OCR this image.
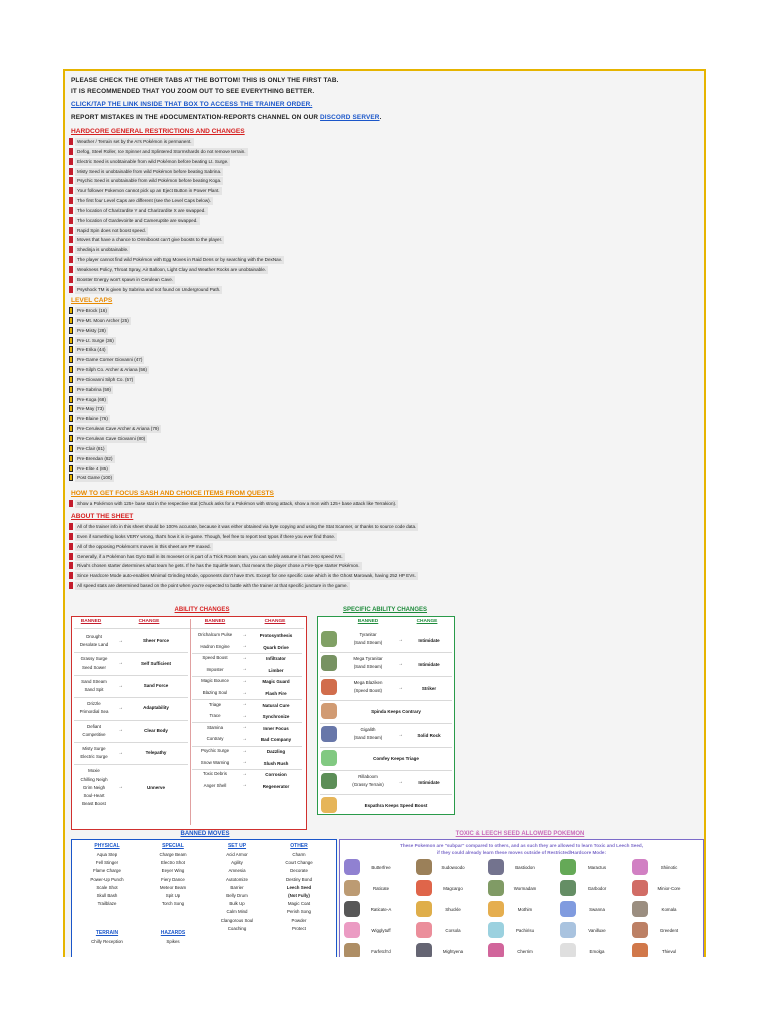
PLEASE CHECK THE OTHER TABS AT THE BOTTOM! THIS IS ONLY THE FIRST TAB.
IT IS RECOMMENDED THAT YOU ZOOM OUT TO SEE EVERYTHING BETTER.
CLICK/TAP THE LINK INSIDE THAT BOX TO ACCESS THE TRAINER ORDER.
REPORT MISTAKES IN THE #DOCUMENTATION-REPORTS CHANNEL ON OUR DISCORD SERVER.
HARDCORE GENERAL RESTRICTIONS AND CHANGES
Weather / Terrain set by the AI's Pokémon is permanent.
Defog, Steel Roller, Ice Spinner and Splintered Stormshards do not remove terrain.
Electric Seed is unobtainable from wild Pokémon before beating Lt. Surge.
Misty Seed is unobtainable from wild Pokémon before beating Sabrina.
Psychic Seed is unobtainable from wild Pokémon before beating Koga.
Your follower Pokemon cannot pick up an Eject Button in Power Plant.
The first four Level Caps are different (see the Level Caps below).
The location of Charizardite Y and Charizardite X are swapped.
The location of Gardevoirite and Cameruptite are swapped.
Rapid Spin does not boost speed.
Moves that have a chance to Omniboost can't give boosts to the player.
Shedinja is unobtainable.
The player cannot find wild Pokémon with Egg Moves in Raid Dens or by searching with the DexNav.
Weakness Policy, Throat Spray, Air Balloon, Light Clay and Weather Rocks are unobtainable.
Booster Energy won't spawn in Cerulean Cave.
Psyshock TM is given by Sabrina and not found on Underground Path.
LEVEL CAPS
Pre-Brock (16)
Pre-Mt. Moon Archer (25)
Pre-Misty (28)
Pre-Lt. Surge (36)
Pre-Erika (44)
Pre-Game Corner Giovanni (47)
Pre-Silph Co. Archer & Ariana (56)
Pre-Giovanni Silph Co. (57)
Pre-Sabrina (59)
Pre-Koga (68)
Pre-May (73)
Pre-Blaine (76)
Pre-Cerulean Cave Archer & Ariana (79)
Pre-Cerulean Cave Giovanni (80)
Pre-Clair (81)
Pre-Brendan (82)
Pre-Elite 4 (85)
Post Game (100)
HOW TO GET FOCUS SASH AND CHOICE ITEMS FROM QUESTS
Show a Pokémon with 125+ base stat in the respective stat (Chuck asks for a Pokémon with strong attack, show a mon with 125+ base attack like Terrakion).
ABOUT THE SHEET
All of the trainer info in this sheet should be 100% accurate, because it was either obtained via byte copying and using the Stat Scanner, or thanks to source code data.
Even if something looks VERY wrong, that's how it is in-game. Though, feel free to report text typos if there you ever find those.
All of the opposing Pokémon's moves in this sheet are PP maxed.
Generally, if a Pokémon has Gyro Ball in its moveset or is part of a Trick Room team, you can safely assume it has zero speed IVs.
Rival's chosen starter determines what team he gets. If he has the Squirtle team, that means the player chose a Fire-type starter Pokémon.
Since Hardcore Mode auto-enables Minimal Grinding Mode, opponents don't have EVs. Except for one specific case which is the Ghost Marowak, having 252 HP EVs.
All speed stats are determined based on the point when you're expected to battle with the trainer at that specific juncture in the game.
ABILITY CHANGES
BANNED	CHANGE	BANNED	CHANGE
Drought
Desolate Land
→	Sheer Force
Grassy Surge
Seed Sower
→	Self Sufficient
Sand Stream
Sand Spit
→	Sand Force
Drizzle
Primordial Sea
→	Adaptability
Defiant
Competitive
→	Clear Body
Misty Surge
Electric Surge
→	Telepathy
Moxie
Chilling Neigh
Grim Neigh
Soul-Heart
Beast Boost
→	Unnerve
Orichalcum Pulse	→	Protosynthesis
Hadron Engine	→	Quark Drive
Speed Boost	→	Infiltrator
Imposter	→	Limber
Magic Bounce	→	Magic Guard
Blazing Soul	→	Flash Fire
Triage	→	Natural Cure
Trace	→	Synchronize
Stamina	→	Inner Focus
Contrary	→	Bad Company
Psychic Surge	→	Dazzling
Snow Warning	→	Slush Rush
Toxic Debris	→	Corrosion
Anger Shell	→	Regenerator
SPECIFIC ABILITY CHANGES
BANNED	CHANGE
Tyranitar
(Sand Stream)	→	Intimidate
Mega Tyranitar
(Sand Stream)	→	Intimidate
Mega Blaziken
(Speed Boost)	→	Striker
Spinda Keeps Contrary
Gigalith
(Sand Stream)	→	Solid Rock
Comfey Keeps Triage
Rillaboom
(Grassy Terrain)	→	Intimidate
Espathra Keeps Speed Boost
BANNED MOVES
PHYSICAL
Aqua Step
Fell Stinger
Flame Charge
Power-Up Punch
Scale Shot
Skull Bash
Trailblaze
SPECIAL
Charge Beam
Electro Shot
Eeyer Wing
Fiery Dance
Meteor Beam
Spit Up
Torch Song
SET UP
Acid Armor
Agility
Amnesia
Autotomize
Barrier
Belly Drum
Bulk Up
Calm Mind
Clangorous Soul
Coaching
OTHER
Charm
Court Change
Decorate
Destiny Bond
Leech Seed
(Not Fully)
Magic Coat
Perish Song
Powder
Protect
TERRAIN
Chilly Reception
HAZARDS
Spikes
TOXIC & LEECH SEED ALLOWED POKEMON
These Pokemon are "subpar" compared to others, and as such they are allowed to learn Toxic and Leech Seed,
if they could already learn these moves outside of Restricted/Hardcore Mode:
Butterfree	Sudowoodo	Bastiodon	Maractus	Shiinotic
Raticate	Magcargo	Wormadam	Garbodor	Minior-Core
Raticate-A	Shuckle	Mothim	Swanna	Komala
Wigglytuff	Corsola	Pachirisu	Vanilluxe	Greedent
Farfetch'd	Mightyena	Cherrim	Emolga	Thievul
